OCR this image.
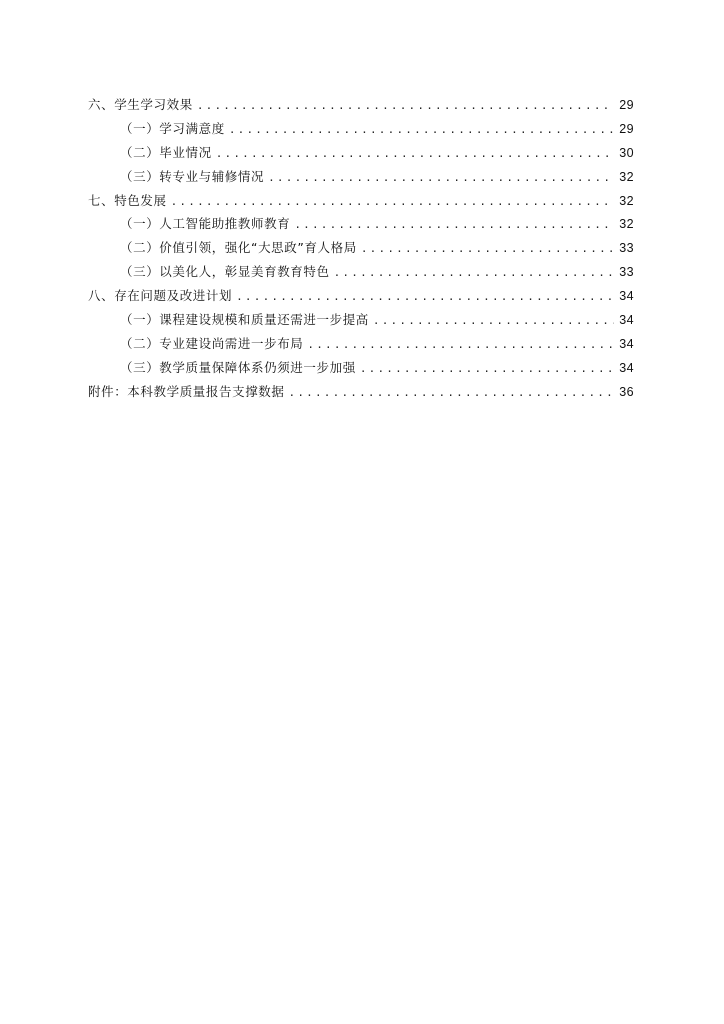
六、学生学习效果 .....	29
（一）学习满意度 .....	29
（二）毕业情况 .....	30
（三）转专业与辅修情况 .....	32
七、特色发展 .....	32
（一）人工智能助推教师教育 .....	32
（二）价值引领，强化“大思政”育人格局 .....	33
（三）以美化人，彰显美育教育特色 .....	33
八、存在问题及改进计划 .....	34
（一）课程建设规模和质量还需进一步提高 .....	34
（二）专业建设尚需进一步布局 .....	34
（三）教学质量保障体系仍须进一步加强 .....	34
附件：本科教学质量报告支撑数据 .....	36
